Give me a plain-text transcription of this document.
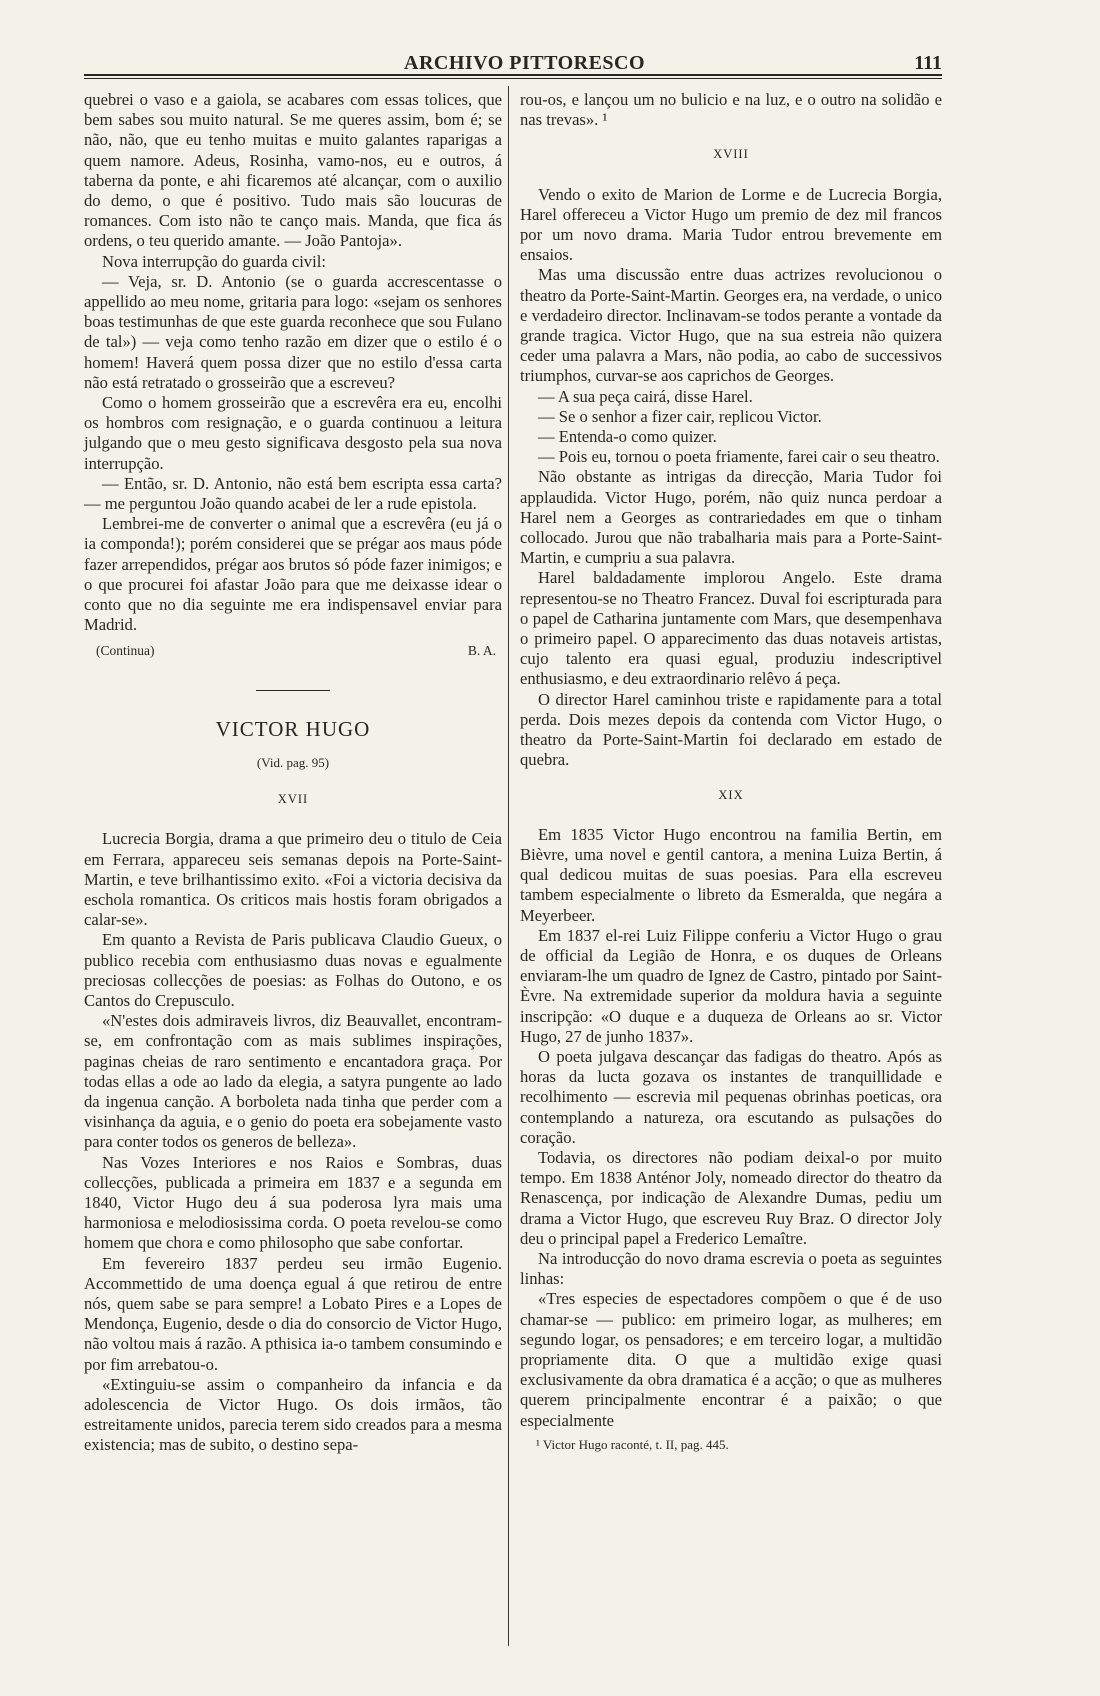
ARCHIVO PITTORESCO	111

quebrei o vaso e a gaiola, se acabares com essas tolices, que bem sabes sou muito natural. Se me queres assim, bom é; se não, não, que eu tenho muitas e muito galantes raparigas a quem namore. Adeus, Rosinha, vamo-nos, eu e outros, á taberna da ponte, e ahi ficaremos até alcançar, com o auxilio do demo, o que é positivo. Tudo mais são loucuras de romances. Com isto não te canço mais. Manda, que fica ás ordens, o teu querido amante. — João Pantoja».

Nova interrupção do guarda civil:

— Veja, sr. D. Antonio (se o guarda accrescentasse o appellido ao meu nome, gritaria para logo: «sejam os senhores boas testimunhas de que este guarda reconhece que sou Fulano de tal») — veja como tenho razão em dizer que o estilo é o homem! Haverá quem possa dizer que no estilo d'essa carta não está retratado o grosseirão que a escreveu?

Como o homem grosseirão que a escrevêra era eu, encolhi os hombros com resignação, e o guarda continuou a leitura julgando que o meu gesto significava desgosto pela sua nova interrupção.

— Então, sr. D. Antonio, não está bem escripta essa carta? — me perguntou João quando acabei de ler a rude epistola.

Lembrei-me de converter o animal que a escrevêra (eu já o ia componda!); porém considerei que se prégar aos maus póde fazer arrependidos, prégar aos brutos só póde fazer inimigos; e o que procurei foi afastar João para que me deixasse idear o conto que no dia seguinte me era indispensavel enviar para Madrid.

(Continua)	B. A.
VICTOR HUGO
(Vid. pag. 95)
XVII

Lucrecia Borgia, drama a que primeiro deu o titulo de Ceia em Ferrara, appareceu seis semanas depois na Porte-Saint-Martin, e teve brilhantissimo exito. «Foi a victoria decisiva da eschola romantica. Os criticos mais hostis foram obrigados a calar-se».

Em quanto a Revista de Paris publicava Claudio Gueux, o publico recebia com enthusiasmo duas novas e egualmente preciosas collecções de poesias: as Folhas do Outono, e os Cantos do Crepusculo.

«N'estes dois admiraveis livros, diz Beauvallet, encontram-se, em confrontação com as mais sublimes inspirações, paginas cheias de raro sentimento e encantadora graça. Por todas ellas a ode ao lado da elegia, a satyra pungente ao lado da ingenua canção. A borboleta nada tinha que perder com a visinhança da aguia, e o genio do poeta era sobejamente vasto para conter todos os generos de belleza».

Nas Vozes Interiores e nos Raios e Sombras, duas collecções, publicada a primeira em 1837 e a segunda em 1840, Victor Hugo deu á sua poderosa lyra mais uma harmoniosa e melodiosissima corda. O poeta revelou-se como homem que chora e como philosopho que sabe confortar.

Em fevereiro 1837 perdeu seu irmão Eugenio. Accommettido de uma doença egual á que retirou de entre nós, quem sabe se para sempre! a Lobato Pires e a Lopes de Mendonça, Eugenio, desde o dia do consorcio de Victor Hugo, não voltou mais á razão. A pthisica ia-o tambem consumindo e por fim arrebatou-o.

«Extinguiu-se assim o companheiro da infancia e da adolescencia de Victor Hugo. Os dois irmãos, tão estreitamente unidos, parecia terem sido creados para a mesma existencia; mas de subito, o destino sepa-

rou-os, e lançou um no bulicio e na luz, e o outro na solidão e nas trevas». ¹

XVIII

Vendo o exito de Marion de Lorme e de Lucrecia Borgia, Harel offereceu a Victor Hugo um premio de dez mil francos por um novo drama. Maria Tudor entrou brevemente em ensaios.

Mas uma discussão entre duas actrizes revolucionou o theatro da Porte-Saint-Martin. Georges era, na verdade, o unico e verdadeiro director. Inclinavam-se todos perante a vontade da grande tragica. Victor Hugo, que na sua estreia não quizera ceder uma palavra a Mars, não podia, ao cabo de successivos triumphos, curvar-se aos caprichos de Georges.

— A sua peça cairá, disse Harel.

— Se o senhor a fizer cair, replicou Victor.

— Entenda-o como quizer.

— Pois eu, tornou o poeta friamente, farei cair o seu theatro.

Não obstante as intrigas da direcção, Maria Tudor foi applaudida. Victor Hugo, porém, não quiz nunca perdoar a Harel nem a Georges as contrariedades em que o tinham collocado. Jurou que não trabalharia mais para a Porte-Saint-Martin, e cumpriu a sua palavra.

Harel baldadamente implorou Angelo. Este drama representou-se no Theatro Francez. Duval foi escripturada para o papel de Catharina juntamente com Mars, que desempenhava o primeiro papel. O apparecimento das duas notaveis artistas, cujo talento era quasi egual, produziu indescriptivel enthusiasmo, e deu extraordinario relêvo á peça.

O director Harel caminhou triste e rapidamente para a total perda. Dois mezes depois da contenda com Victor Hugo, o theatro da Porte-Saint-Martin foi declarado em estado de quebra.

XIX

Em 1835 Victor Hugo encontrou na familia Bertin, em Bièvre, uma novel e gentil cantora, a menina Luiza Bertin, á qual dedicou muitas de suas poesias. Para ella escreveu tambem especialmente o libreto da Esmeralda, que negára a Meyerbeer.

Em 1837 el-rei Luiz Filippe conferiu a Victor Hugo o grau de official da Legião de Honra, e os duques de Orleans enviaram-lhe um quadro de Ignez de Castro, pintado por Saint-Èvre. Na extremidade superior da moldura havia a seguinte inscripção: «O duque e a duqueza de Orleans ao sr. Victor Hugo, 27 de junho 1837».

O poeta julgava descançar das fadigas do theatro. Após as horas da lucta gozava os instantes de tranquillidade e recolhimento — escrevia mil pequenas obrinhas poeticas, ora contemplando a natureza, ora escutando as pulsações do coração.

Todavia, os directores não podiam deixal-o por muito tempo. Em 1838 Anténor Joly, nomeado director do theatro da Renascença, por indicação de Alexandre Dumas, pediu um drama a Victor Hugo, que escreveu Ruy Braz. O director Joly deu o principal papel a Frederico Lemaître.

Na introducção do novo drama escrevia o poeta as seguintes linhas:

«Tres especies de espectadores compõem o que é de uso chamar-se — publico: em primeiro logar, as mulheres; em segundo logar, os pensadores; e em terceiro logar, a multidão propriamente dita. O que a multidão exige quasi exclusivamente da obra dramatica é a acção; o que as mulheres querem principalmente encontrar é a paixão; o que especialmente

¹ Victor Hugo raconté, t. II, pag. 445.
